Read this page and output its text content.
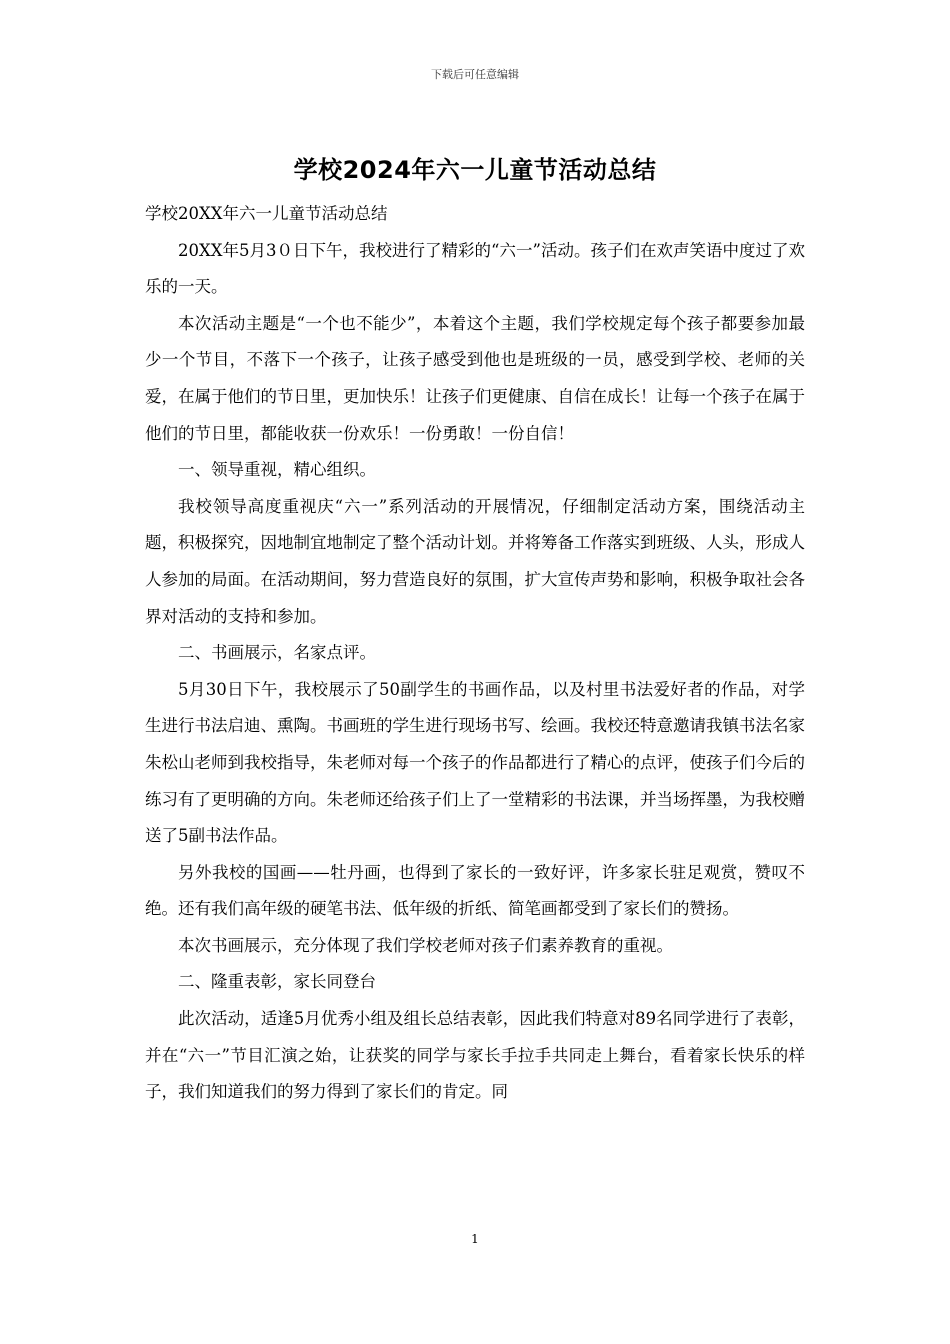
下载后可任意编辑
学校2024年六一儿童节活动总结

学校20XX年六一儿童节活动总结

20XX年5月3０日下午，我校进行了精彩的“六一”活动。孩子们在欢声笑语中度过了欢乐的一天。

本次活动主题是“一个也不能少”，本着这个主题，我们学校规定每个孩子都要参加最少一个节目，不落下一个孩子，让孩子感受到他也是班级的一员，感受到学校、老师的关爱，在属于他们的节日里，更加快乐！让孩子们更健康、自信在成长！让每一个孩子在属于他们的节日里，都能收获一份欢乐！一份勇敢！一份自信！

一、领导重视，精心组织。

我校领导高度重视庆“六一”系列活动的开展情况，仔细制定活动方案，围绕活动主题，积极探究，因地制宜地制定了整个活动计划。并将筹备工作落实到班级、人头，形成人人参加的局面。在活动期间，努力营造良好的氛围，扩大宣传声势和影响，积极争取社会各界对活动的支持和参加。

二、书画展示，名家点评。

5月30日下午，我校展示了50副学生的书画作品，以及村里书法爱好者的作品，对学生进行书法启迪、熏陶。书画班的学生进行现场书写、绘画。我校还特意邀请我镇书法名家朱松山老师到我校指导，朱老师对每一个孩子的作品都进行了精心的点评，使孩子们今后的练习有了更明确的方向。朱老师还给孩子们上了一堂精彩的书法课，并当场挥墨，为我校赠送了5副书法作品。

另外我校的国画——牡丹画，也得到了家长的一致好评，许多家长驻足观赏，赞叹不绝。还有我们高年级的硬笔书法、低年级的折纸、简笔画都受到了家长们的赞扬。

本次书画展示，充分体现了我们学校老师对孩子们素养教育的重视。

二、隆重表彰，家长同登台

此次活动，适逢5月优秀小组及组长总结表彰，因此我们特意对89名同学进行了表彰，并在“六一”节目汇演之始，让获奖的同学与家长手拉手共同走上舞台，看着家长快乐的样子，我们知道我们的努力得到了家长们的肯定。同

1
